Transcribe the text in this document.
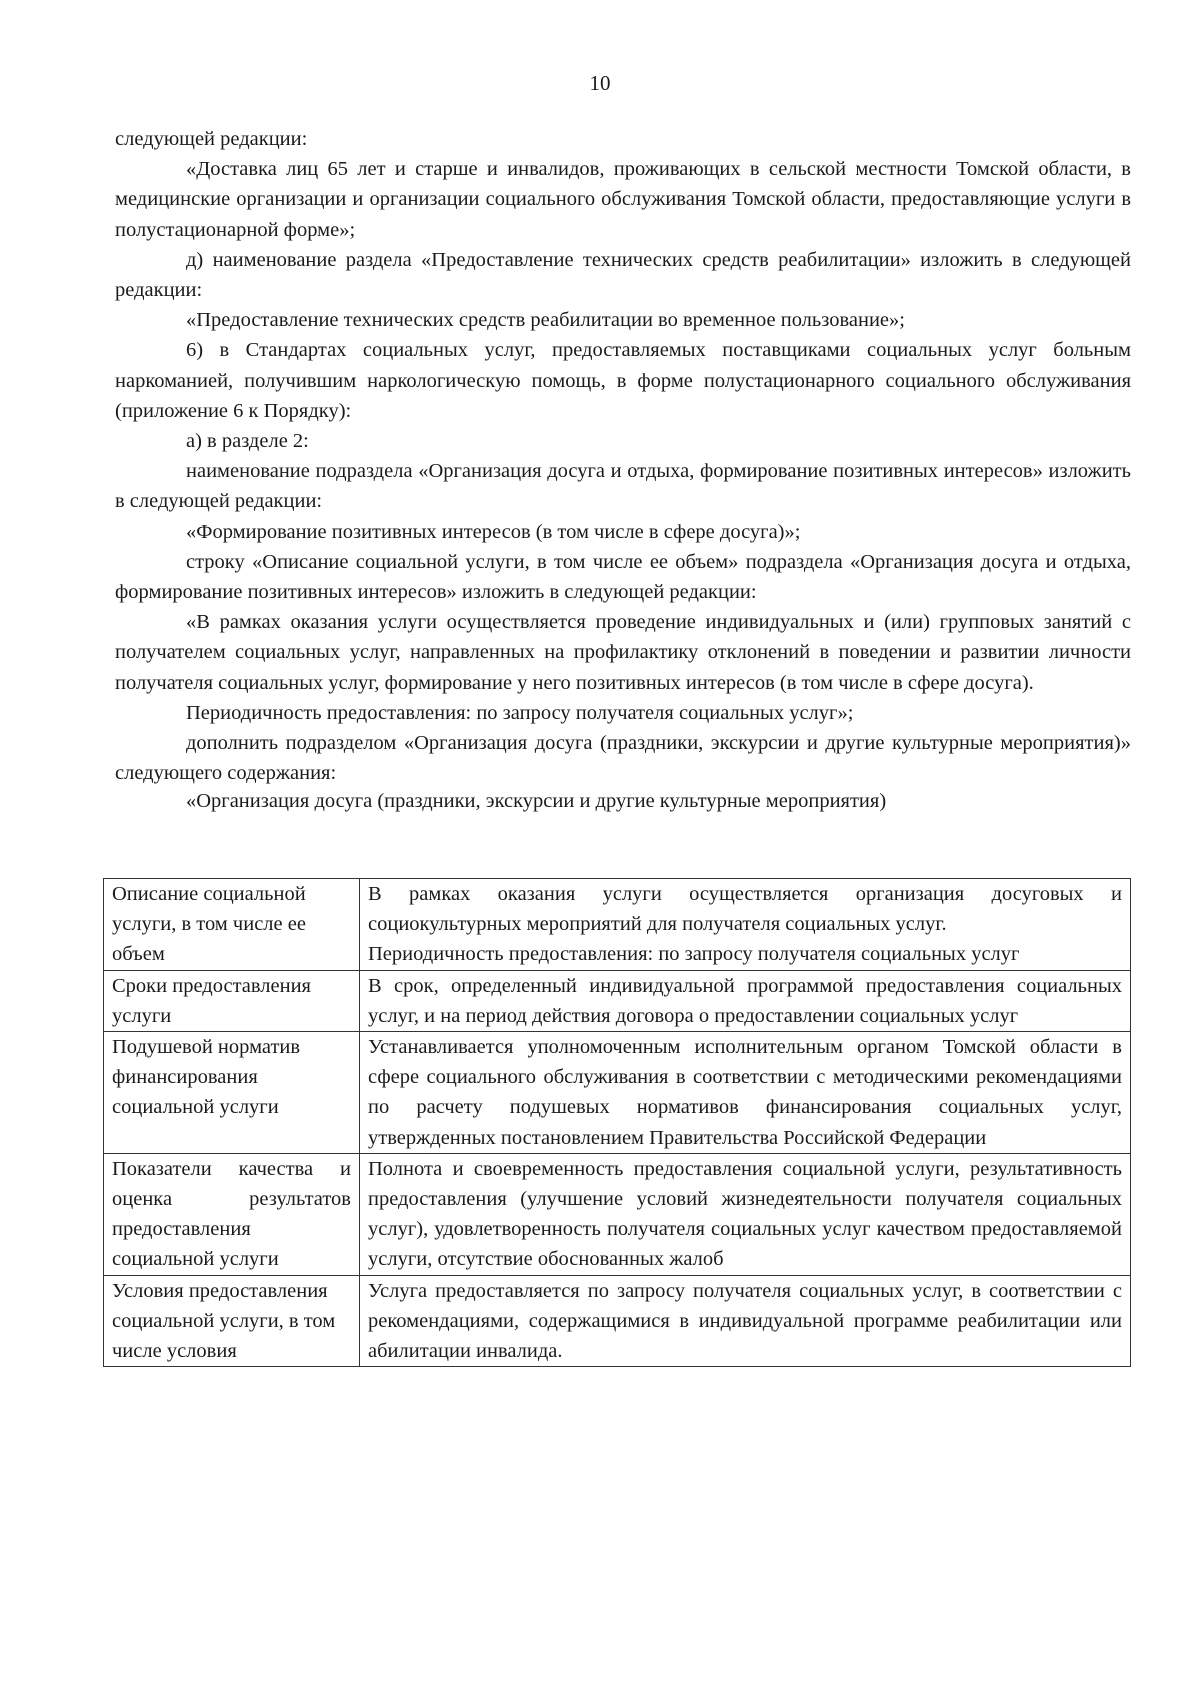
10

следующей редакции:

«Доставка лиц 65 лет и старше и инвалидов, проживающих в сельской местности Томской области, в медицинские организации и организации социального обслуживания Томской области, предоставляющие услуги в полустационарной форме»;

д) наименование раздела «Предоставление технических средств реабилитации» изложить в следующей редакции:

«Предоставление технических средств реабилитации во временное пользование»;

6) в Стандартах социальных услуг, предоставляемых поставщиками социальных услуг больным наркоманией, получившим наркологическую помощь, в форме полустационарного социального обслуживания (приложение 6 к Порядку):

а) в разделе 2:

наименование подраздела «Организация досуга и отдыха, формирование позитивных интересов» изложить в следующей редакции:

«Формирование позитивных интересов (в том числе в сфере досуга)»;

строку «Описание социальной услуги, в том числе ее объем» подраздела «Организация досуга и отдыха, формирование позитивных интересов» изложить в следующей редакции:

«В рамках оказания услуги осуществляется проведение индивидуальных и (или) групповых занятий с получателем социальных услуг, направленных на профилактику отклонений в поведении и развитии личности получателя социальных услуг, формирование у него позитивных интересов (в том числе в сфере досуга).

Периодичность предоставления: по запросу получателя социальных услуг»;

дополнить подразделом «Организация досуга (праздники, экскурсии и другие культурные мероприятия)» следующего содержания:

«Организация досуга (праздники, экскурсии и другие культурные мероприятия)

Описание социальной услуги, в том числе ее объем	В рамках оказания услуги осуществляется организация досуговых и социокультурных мероприятий для получателя социальных услуг.

Периодичность предоставления: по запросу получателя социальных услуг

Сроки предоставления услуги	В срок, определенный индивидуальной программой предоставления социальных услуг, и на период действия договора о предоставлении социальных услуг

Подушевой норматив финансирования социальной услуги	Устанавливается уполномоченным исполнительным органом Томской области в сфере социального обслуживания в соответствии с методическими рекомендациями по расчету подушевых нормативов финансирования социальных услуг, утвержденных постановлением Правительства Российской Федерации

Показатели качества и оценка результатов предоставления социальной услуги	Полнота и своевременность предоставления социальной услуги, результативность предоставления (улучшение условий жизнедеятельности получателя социальных услуг), удовлетворенность получателя социальных услуг качеством предоставляемой услуги, отсутствие обоснованных жалоб

Условия предоставления социальной услуги, в том числе условия	Услуга предоставляется по запросу получателя социальных услуг, в соответствии с рекомендациями, содержащимися в индивидуальной программе реабилитации или абилитации инвалида.
